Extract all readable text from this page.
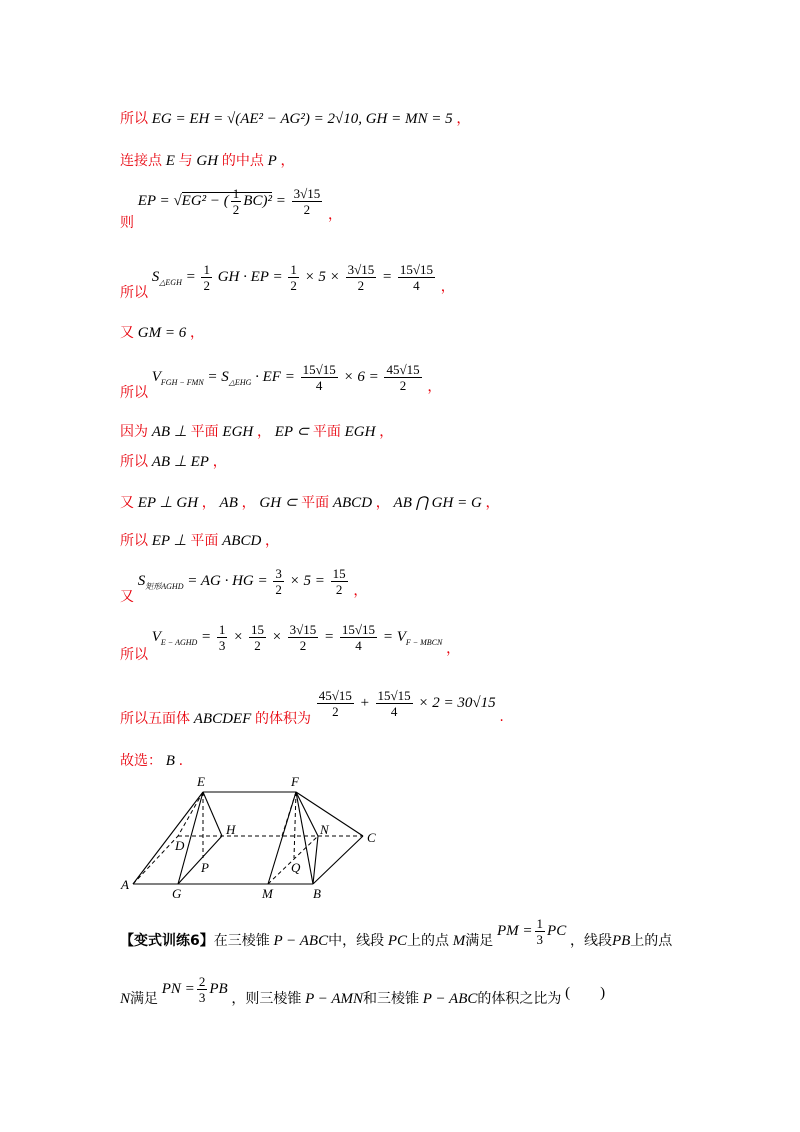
所以 EG = EH = √(AE² − AG²) = 2√10, GH = MN = 5 ，
连接点 E 与 GH 的中点 P ，
则 EP = √EG² − ( $\frac{1}{2} BC)^2 = \frac{3√15}{2}$ ，
所以 $S_{\triangle EGH} = \frac{1}{2}$ GH · EP = $\frac{1}{2} \times 5 \times \frac{3√15}{2} = \frac{15√15}{4}$ ，
又 GM = 6 ，
所以 $V_{FGH - FMN} = S_{\triangle EHG}$ · EF = $\frac{15√15}{4} \times 6 = \frac{45√15}{2}$ ，
因为 AB ⊥ 平面 EGH ， EP ⊂ 平面 EGH ，
所以 AB ⊥ EP ，
又 EP ⊥ GH ， AB ， GH ⊂ 平面 ABCD ， AB ⋂ GH = G ，
所以 EP ⊥ 平面 ABCD ，
又 $S_{矩形AGHD}$ = AG · HG = $\frac{3}{2} \times 5 = \frac{15}{2}$ ，
所以 $V_{E - AGHD} = \frac{1}{3} \times \frac{15}{2} \times \frac{3√15}{2} = \frac{15√15}{4} = V_{F - MBCN}$ ，
所以五面体 ABCDEF 的体积为 $\frac{45√15}{2} + \frac{15√15}{4} \times 2 = 30√15$ .
故选： B .
E	F
H	N
C
D
P	Q
A
G	M	B
【变式训练6】在三棱锥 P − ABC中，线段 PC上的点 M满足 PM = $\frac{1}{3}$ PC ，线段PB上的点
N满足 PN = $\frac{2}{3}$ PB ，则三棱锥 P − AMN和三棱锥 P − ABC的体积之比为 (        )
